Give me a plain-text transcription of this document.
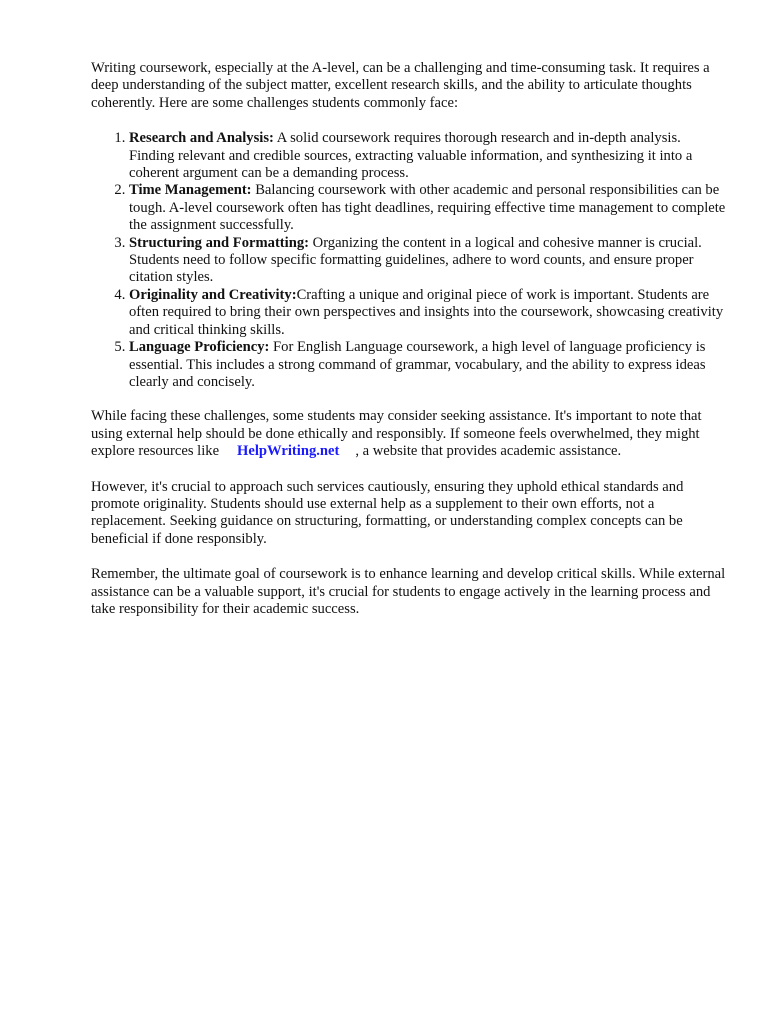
Writing coursework, especially at the A-level, can be a challenging and time-consuming task. It requires a deep understanding of the subject matter, excellent research skills, and the ability to articulate thoughts coherently. Here are some challenges students commonly face:

1. Research and Analysis: A solid coursework requires thorough research and in-depth analysis. Finding relevant and credible sources, extracting valuable information, and synthesizing it into a coherent argument can be a demanding process.
2. Time Management: Balancing coursework with other academic and personal responsibilities can be tough. A-level coursework often has tight deadlines, requiring effective time management to complete the assignment successfully.
3. Structuring and Formatting: Organizing the content in a logical and cohesive manner is crucial. Students need to follow specific formatting guidelines, adhere to word counts, and ensure proper citation styles.
4. Originality and Creativity:Crafting a unique and original piece of work is important. Students are often required to bring their own perspectives and insights into the coursework, showcasing creativity and critical thinking skills.
5. Language Proficiency: For English Language coursework, a high level of language proficiency is essential. This includes a strong command of grammar, vocabulary, and the ability to express ideas clearly and concisely.

While facing these challenges, some students may consider seeking assistance. It's important to note that using external help should be done ethically and responsibly. If someone feels overwhelmed, they might explore resources like HelpWriting.net , a website that provides academic assistance.

However, it's crucial to approach such services cautiously, ensuring they uphold ethical standards and promote originality. Students should use external help as a supplement to their own efforts, not a replacement. Seeking guidance on structuring, formatting, or understanding complex concepts can be beneficial if done responsibly.

Remember, the ultimate goal of coursework is to enhance learning and develop critical skills. While external assistance can be a valuable support, it's crucial for students to engage actively in the learning process and take responsibility for their academic success.
